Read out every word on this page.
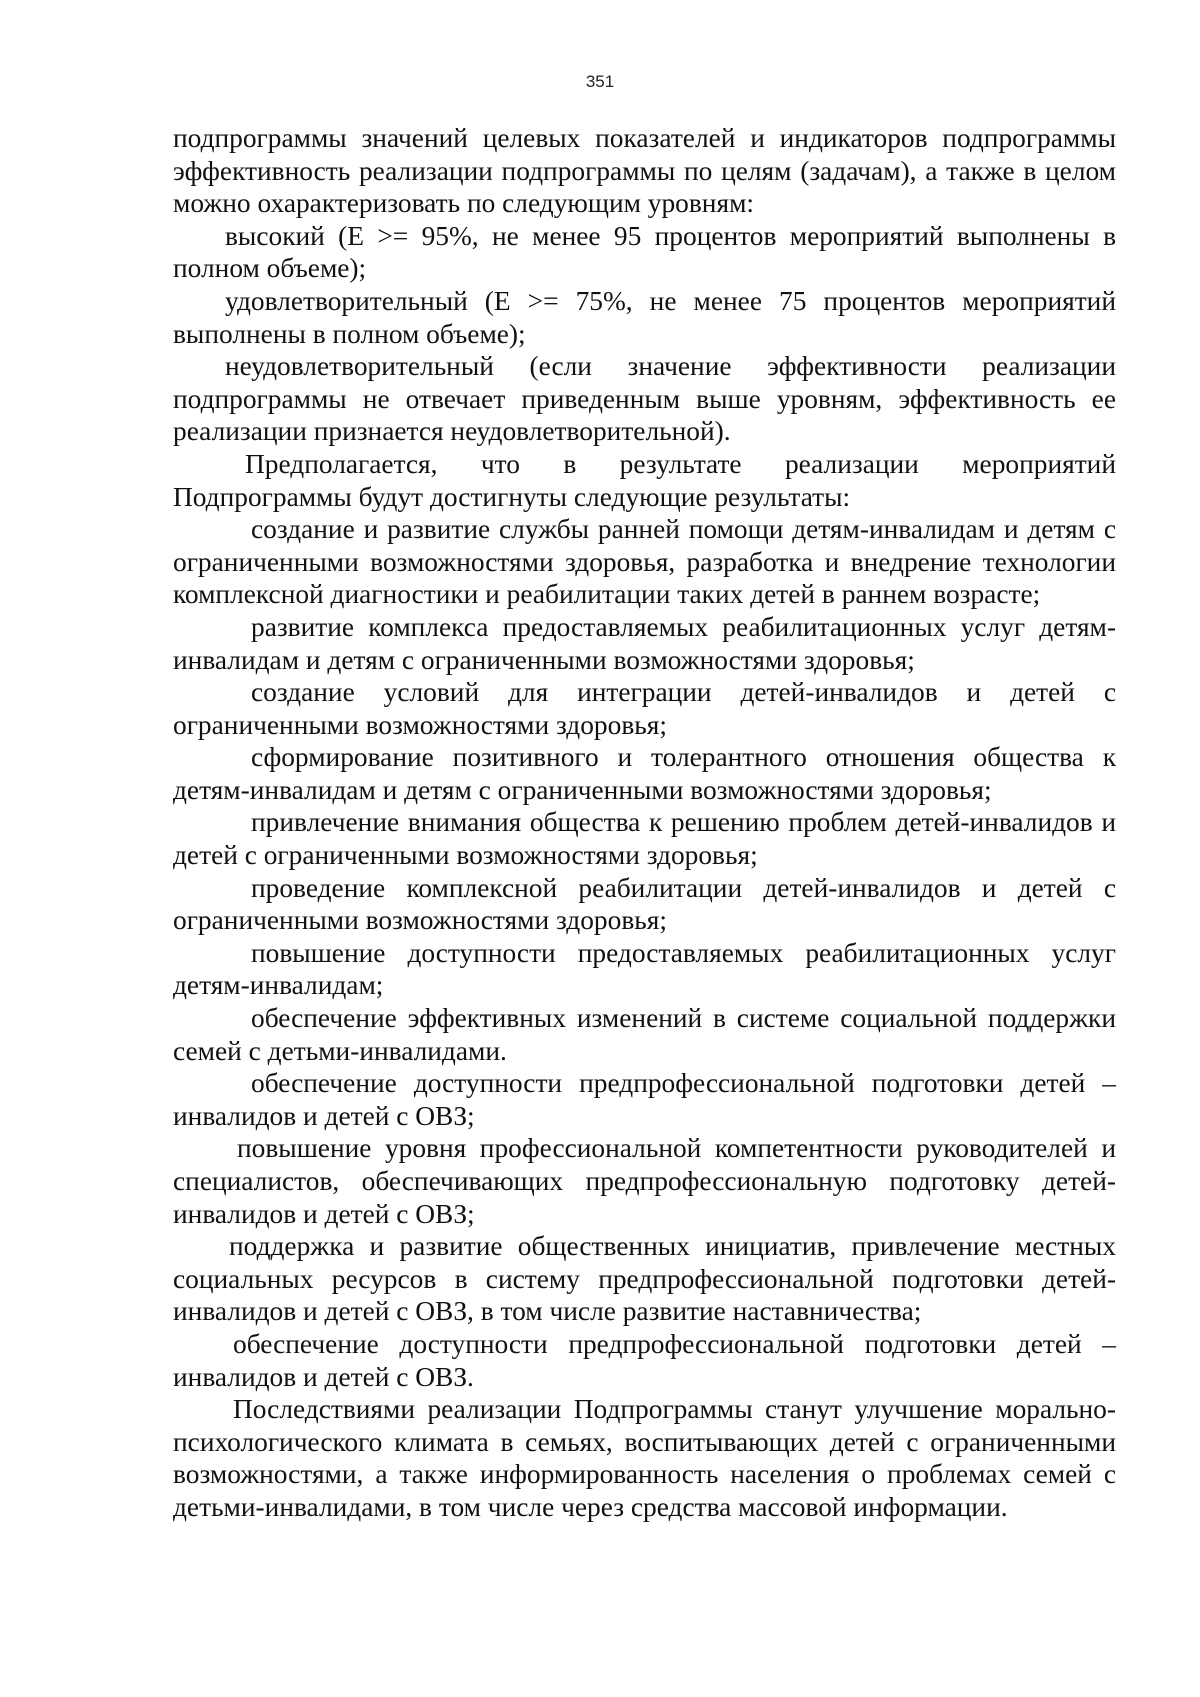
351

подпрограммы значений целевых показателей и индикаторов подпрограммы эффективность реализации подпрограммы по целям (задачам), а также в целом можно охарактеризовать по следующим уровням:

высокий (E >= 95%, не менее 95 процентов мероприятий выполнены в полном объеме);

удовлетворительный (E >= 75%, не менее 75 процентов мероприятий выполнены в полном объеме);

неудовлетворительный (если значение эффективности реализации подпрограммы не отвечает приведенным выше уровням, эффективность ее реализации признается неудовлетворительной).

Предполагается, что в результате реализации мероприятий Подпрограммы будут достигнуты следующие результаты:

создание и развитие службы ранней помощи детям-инвалидам и детям с ограниченными возможностями здоровья, разработка и внедрение технологии комплексной диагностики и реабилитации таких детей в раннем возрасте;

развитие комплекса предоставляемых реабилитационных услуг детям-инвалидам и детям с ограниченными возможностями здоровья;

создание условий для интеграции детей-инвалидов и детей с ограниченными возможностями здоровья;

сформирование позитивного и толерантного отношения общества к детям-инвалидам и детям с ограниченными возможностями здоровья;

привлечение внимания общества к решению проблем детей-инвалидов и детей с ограниченными возможностями здоровья;

проведение комплексной реабилитации детей-инвалидов и детей с ограниченными возможностями здоровья;

повышение доступности предоставляемых реабилитационных услуг детям-инвалидам;

обеспечение эффективных изменений в системе социальной поддержки семей с детьми-инвалидами.

обеспечение доступности предпрофессиональной подготовки детей – инвалидов и детей с ОВЗ;

повышение уровня профессиональной компетентности руководителей и специалистов, обеспечивающих предпрофессиональную подготовку детей-инвалидов и детей с ОВЗ;

поддержка и развитие общественных инициатив, привлечение местных социальных ресурсов в систему предпрофессиональной подготовки детей-инвалидов и детей с ОВЗ, в том числе развитие наставничества;

обеспечение доступности предпрофессиональной подготовки детей – инвалидов и детей с ОВЗ.

Последствиями реализации Подпрограммы станут улучшение морально-психологического климата в семьях, воспитывающих детей с ограниченными возможностями, а также информированность населения о проблемах семей с детьми-инвалидами, в том числе через средства массовой информации.
